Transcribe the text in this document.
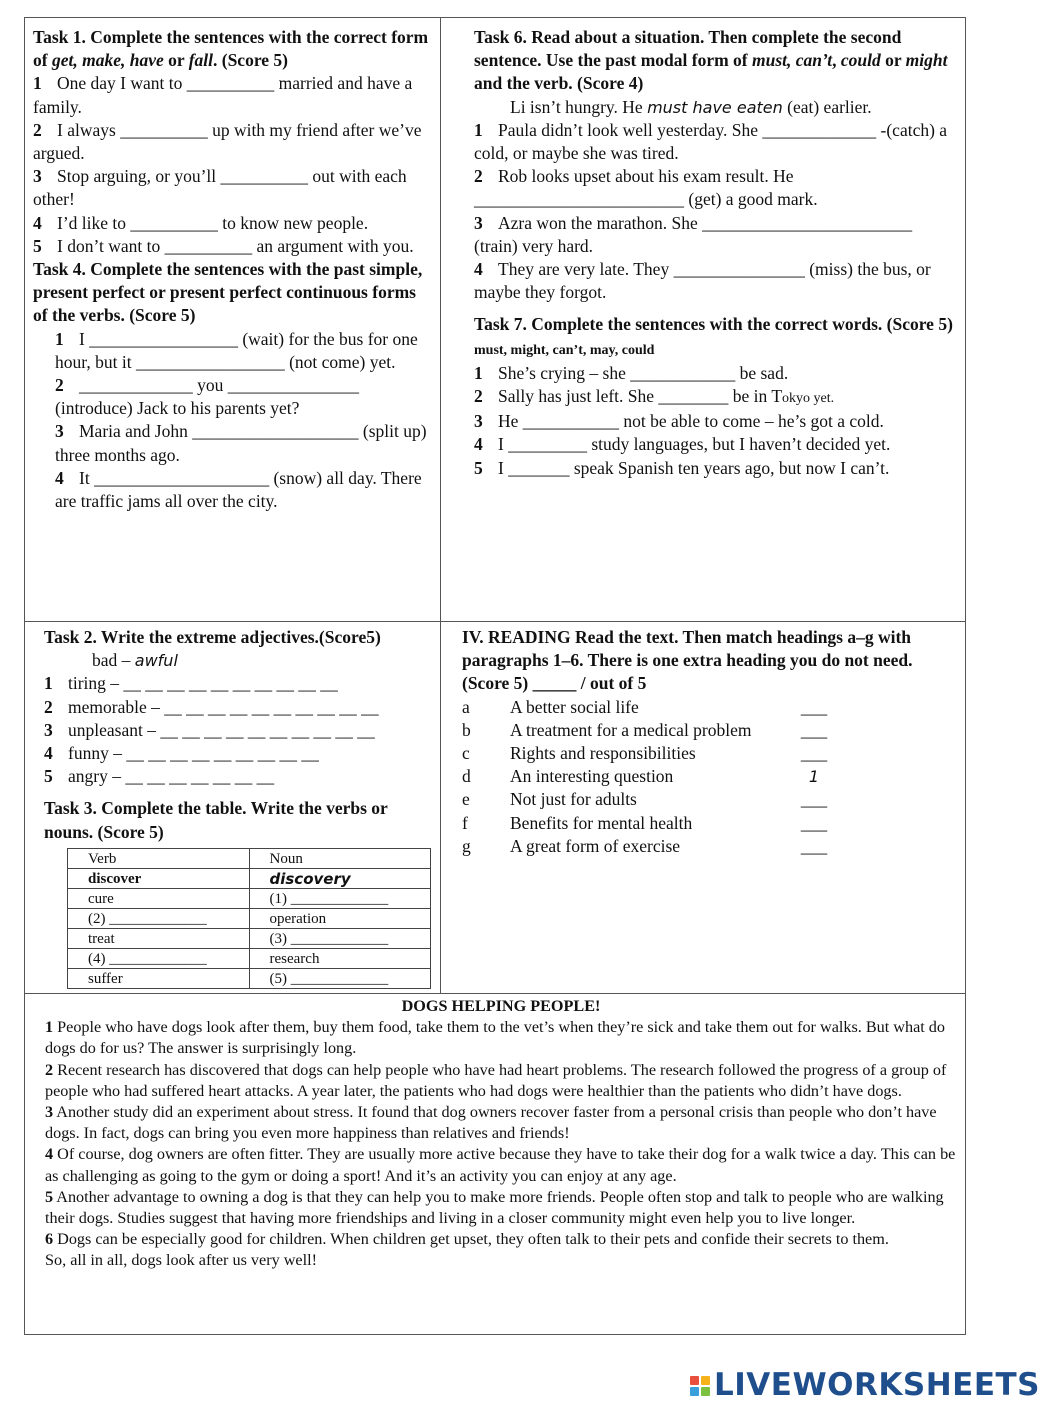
Task 1. Complete the sentences with the correct form of get, make, have or fall. (Score 5)

1 One day I want to __________ married and have a family.

2 I always __________ up with my friend after we’ve argued.

3 Stop arguing, or you’ll __________ out with each other!

4 I’d like to __________ to know new people.

5 I don’t want to __________ an argument with you.

Task 4. Complete the sentences with the past simple, present perfect or present perfect continuous forms of the verbs. (Score 5)

1 I _________________ (wait) for the bus for one hour, but it _________________ (not come) yet.

2 _____________ you _______________ (introduce) Jack to his parents yet?

3 Maria and John ___________________ (split up) three months ago.

4 It ____________________ (snow) all day. There are traffic jams all over the city.

Task 6. Read about a situation. Then complete the second sentence. Use the past modal form of must, can’t, could or might and the verb. (Score 4)

Li isn’t hungry. He must have eaten (eat) earlier.

1 Paula didn’t look well yesterday. She _____________ -(catch) a cold, or maybe she was tired.

2 Rob looks upset about his exam result. He ________________________ (get) a good mark.

3 Azra won the marathon. She ________________________ (train) very hard.

4 They are very late. They _______________ (miss) the bus, or maybe they forgot.

Task 7. Complete the sentences with the correct words. (Score 5) must, might, can’t, may, could

1 She’s crying – she ____________ be sad.

2 Sally has just left. She ________ be in Tokyo yet.

3 He ___________ not be able to come – he’s got a cold.

4 I _________ study languages, but I haven’t decided yet.

5 I _______ speak Spanish ten years ago, but now I can’t.

Task 2. Write the extreme adjectives.(Score5)

bad – awful

1 tiring – __ __ __ __ __ __ __ __ __ __

2 memorable – __ __ __ __ __ __ __ __ __ __

3 unpleasant – __ __ __ __ __ __ __ __ __ __

4 funny – __ __ __ __ __ __ __ __ __

5 angry – __ __ __ __ __ __ __

Task 3. Complete the table. Write the verbs or nouns. (Score 5)

Verb	Noun
discover	discovery
cure	(1) _____________
(2) _____________	operation
treat	(3) _____________
(4) _____________	research
suffer	(5) _____________

IV. READING Read the text. Then match headings a–g with paragraphs 1–6. There is one extra heading you do not need. (Score 5) _____ / out of 5

a A better social life	___

b A treatment for a medical problem	___

c Rights and responsibilities	___

d An interesting question	1

e Not just for adults	___

f Benefits for mental health	___

g A great form of exercise	___

DOGS HELPING PEOPLE!

1 People who have dogs look after them, buy them food, take them to the vet’s when they’re sick and take them out for walks. But what do dogs do for us? The answer is surprisingly long.

2 Recent research has discovered that dogs can help people who have had heart problems. The research followed the progress of a group of people who had suffered heart attacks. A year later, the patients who had dogs were healthier than the patients who didn’t have dogs.

3 Another study did an experiment about stress. It found that dog owners recover faster from a personal crisis than people who don’t have dogs. In fact, dogs can bring you even more happiness than relatives and friends!

4 Of course, dog owners are often fitter. They are usually more active because they have to take their dog for a walk twice a day. This can be as challenging as going to the gym or doing a sport! And it’s an activity you can enjoy at any age.

5 Another advantage to owning a dog is that they can help you to make more friends. People often stop and talk to people who are walking their dogs. Studies suggest that having more friendships and living in a closer community might even help you to live longer.

6 Dogs can be especially good for children. When children get upset, they often talk to their pets and confide their secrets to them.

So, all in all, dogs look after us very well!

LIVEWORKSHEETS
